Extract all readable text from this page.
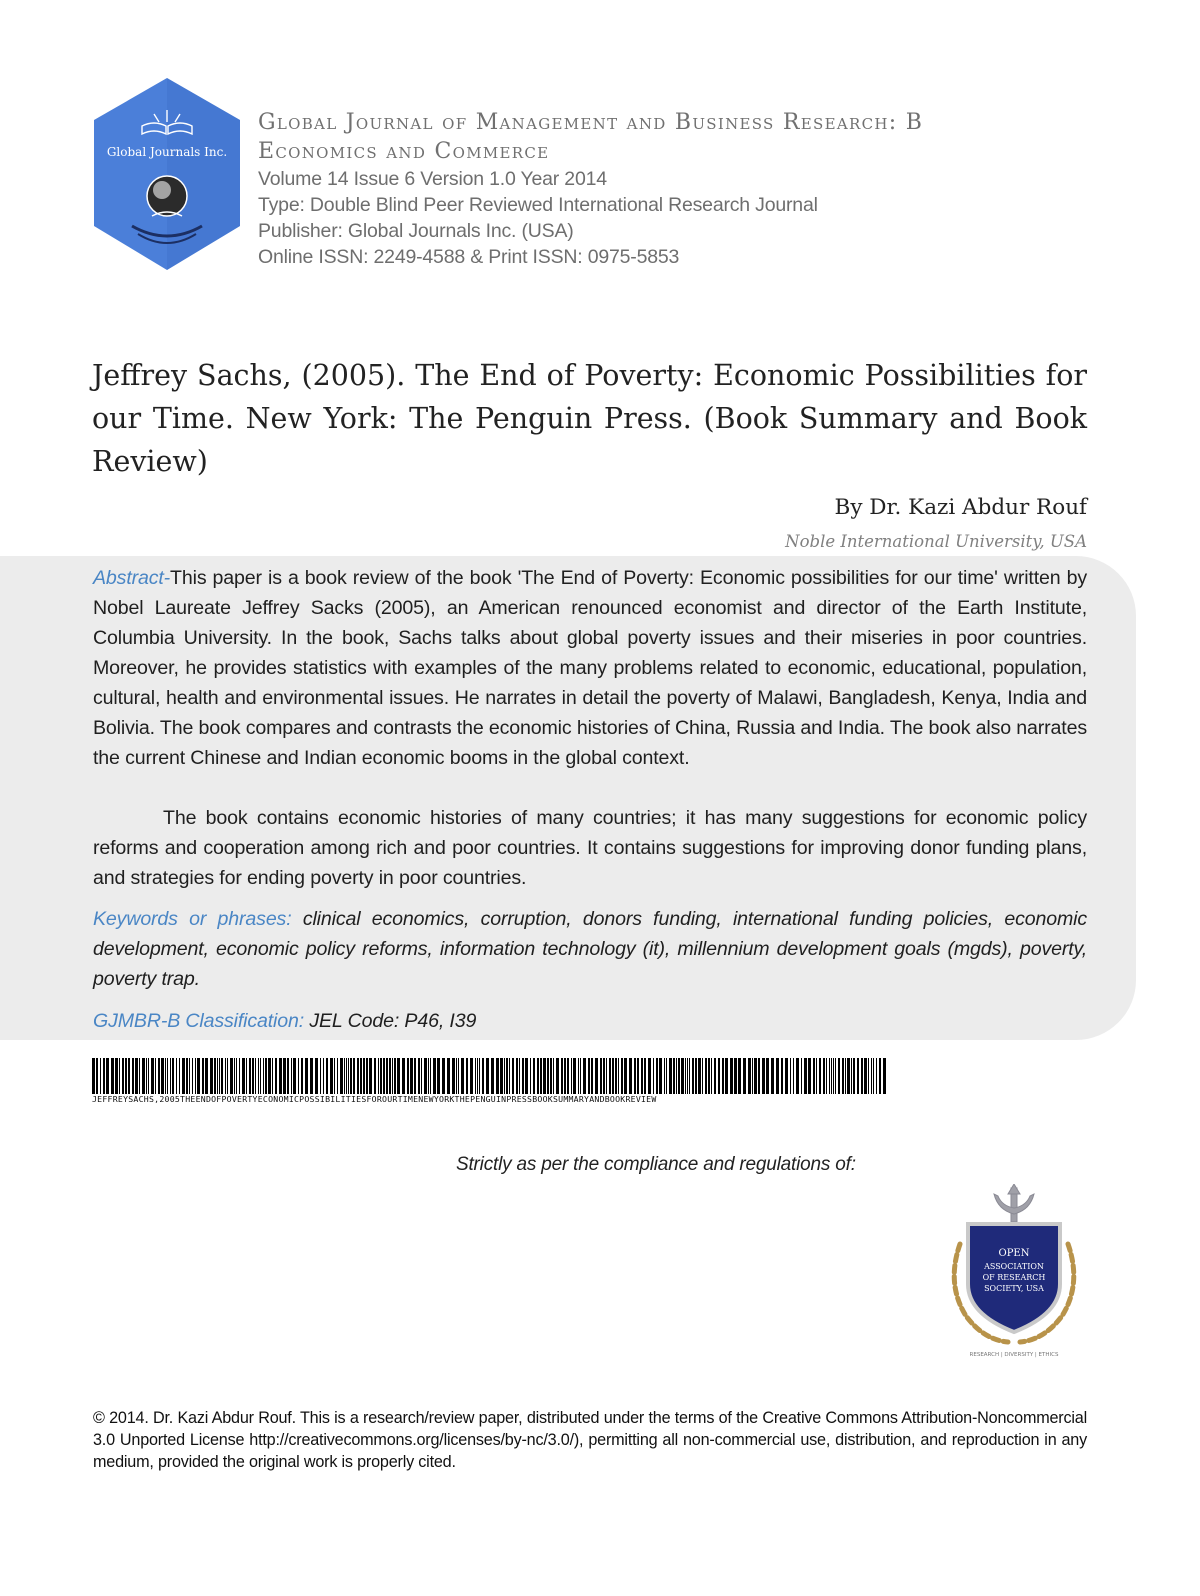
Global Journals Inc.
Global Journal of Management and Business Research: B
Economics and Commerce
Volume 14 Issue 6 Version 1.0 Year 2014
Type: Double Blind Peer Reviewed International Research Journal
Publisher: Global Journals Inc. (USA)
Online ISSN: 2249-4588 & Print ISSN: 0975-5853
Jeffrey Sachs, (2005). The End of Poverty: Economic Possibilities for our Time. New York: The Penguin Press. (Book Summary and Book Review)
By Dr. Kazi Abdur Rouf
Noble International University, USA
Abstract-This paper is a book review of the book 'The End of Poverty: Economic possibilities for our time' written by Nobel Laureate Jeffrey Sacks (2005), an American renounced economist and director of the Earth Institute, Columbia University. In the book, Sachs talks about global poverty issues and their miseries in poor countries. Moreover, he provides statistics with examples of the many problems related to economic, educational, population, cultural, health and environmental issues. He narrates in detail the poverty of Malawi, Bangladesh, Kenya, India and Bolivia. The book compares and contrasts the economic histories of China, Russia and India. The book also narrates the current Chinese and Indian economic booms in the global context.
The book contains economic histories of many countries; it has many suggestions for economic policy reforms and cooperation among rich and poor countries. It contains suggestions for improving donor funding plans, and strategies for ending poverty in poor countries.
Keywords or phrases: clinical economics, corruption, donors funding, international funding policies, economic development, economic policy reforms, information technology (it), millennium development goals (mgds), poverty, poverty trap.
GJMBR-B Classification: JEL Code: P46, I39
JEFFREYSACHS,2005THEENDOFPOVERTYECONOMICPOSSIBILITIESFOROURTIMENEWYORKTHEPENGUINPRESSBOOKSUMMARYANDBOOKREVIEW
Strictly as per the compliance and regulations of:
OPEN
ASSOCIATION
OF RESEARCH
SOCIETY, USA
RESEARCH | DIVERSITY | ETHICS
© 2014. Dr. Kazi Abdur Rouf. This is a research/review paper, distributed under the terms of the Creative Commons Attribution-Noncommercial 3.0 Unported License http://creativecommons.org/licenses/by-nc/3.0/), permitting all non-commercial use, distribution, and reproduction in any medium, provided the original work is properly cited.
